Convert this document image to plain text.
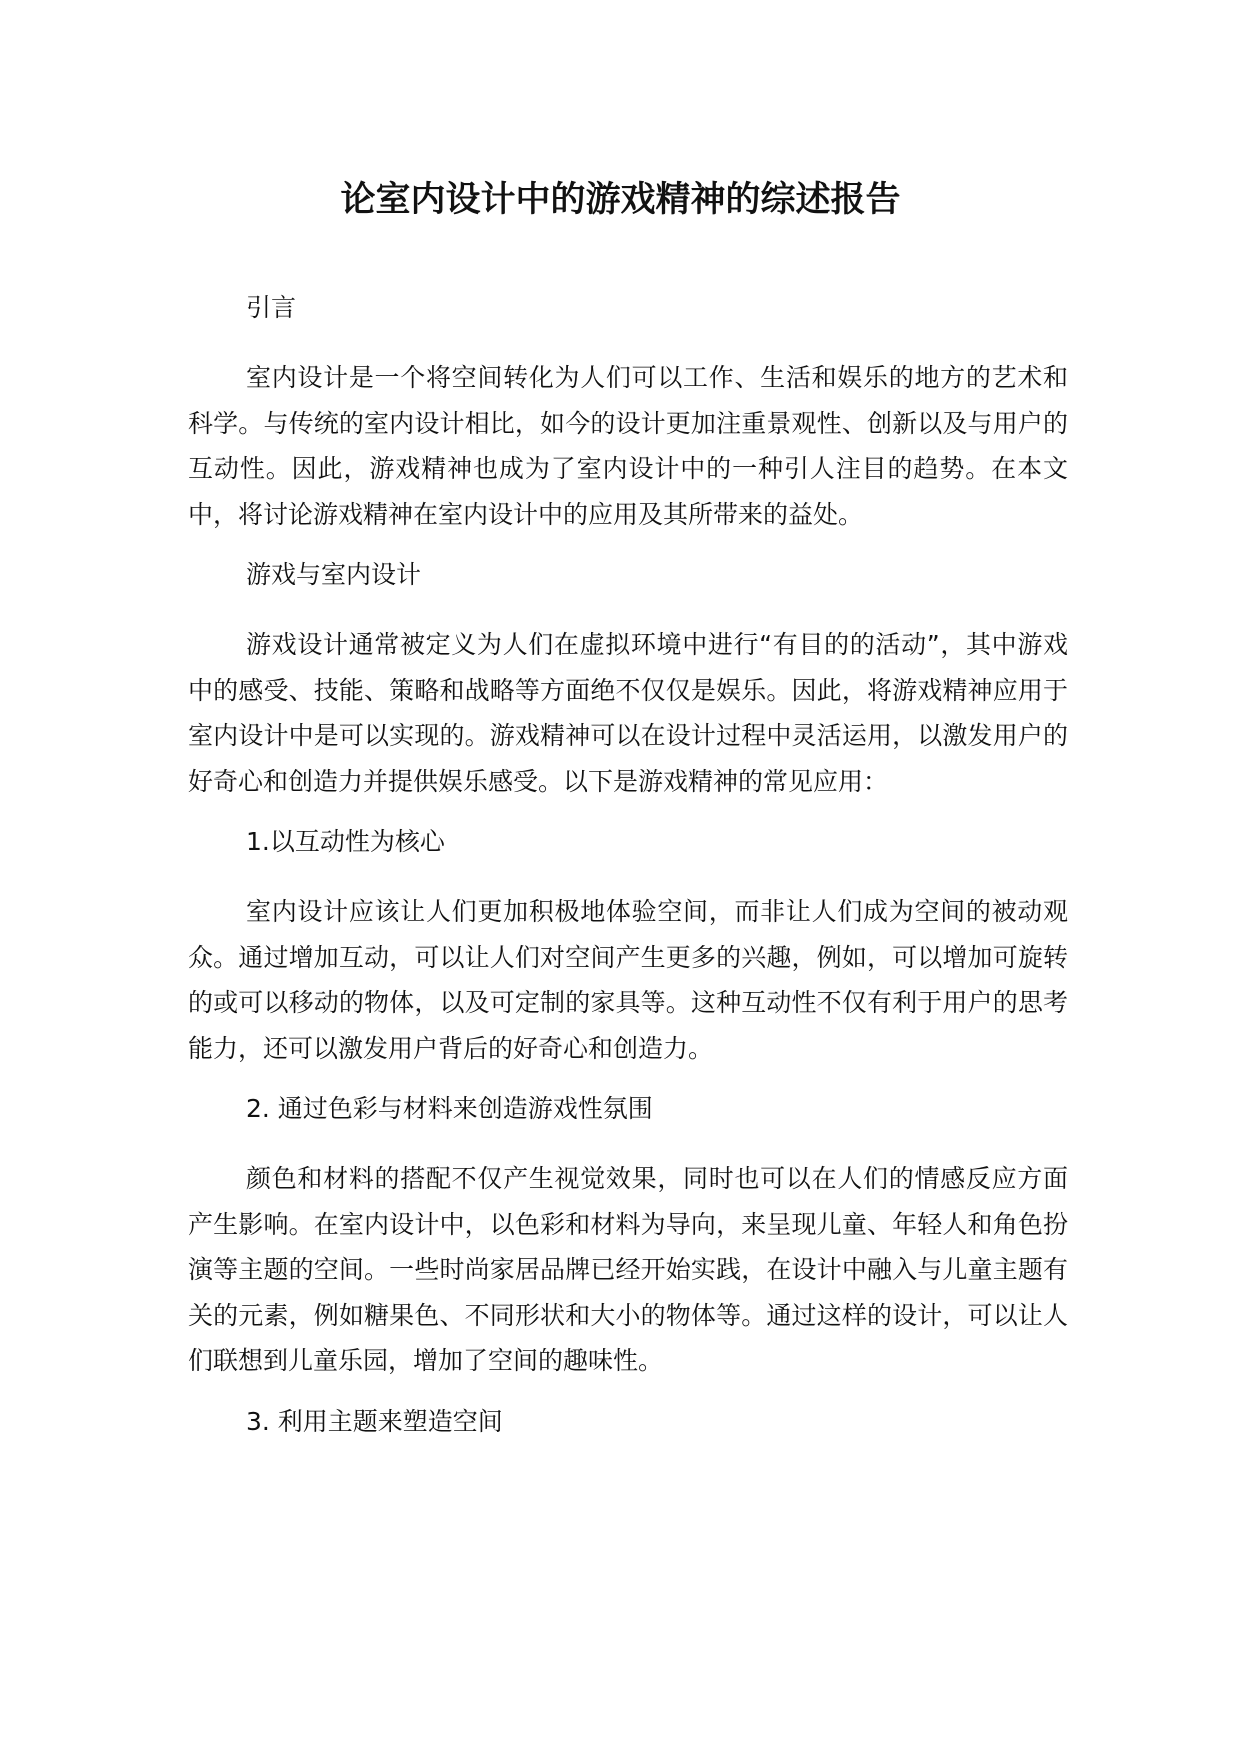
论室内设计中的游戏精神的综述报告
引言
室内设计是一个将空间转化为人们可以工作、生活和娱乐的地方的艺术和科学。与传统的室内设计相比，如今的设计更加注重景观性、创新以及与用户的互动性。因此，游戏精神也成为了室内设计中的一种引人注目的趋势。在本文中，将讨论游戏精神在室内设计中的应用及其所带来的益处。
游戏与室内设计
游戏设计通常被定义为人们在虚拟环境中进行“有目的的活动”，其中游戏中的感受、技能、策略和战略等方面绝不仅仅是娱乐。因此，将游戏精神应用于室内设计中是可以实现的。游戏精神可以在设计过程中灵活运用，以激发用户的好奇心和创造力并提供娱乐感受。以下是游戏精神的常见应用：
1.以互动性为核心
室内设计应该让人们更加积极地体验空间，而非让人们成为空间的被动观众。通过增加互动，可以让人们对空间产生更多的兴趣，例如，可以增加可旋转的或可以移动的物体，以及可定制的家具等。这种互动性不仅有利于用户的思考能力，还可以激发用户背后的好奇心和创造力。
2. 通过色彩与材料来创造游戏性氛围
颜色和材料的搭配不仅产生视觉效果，同时也可以在人们的情感反应方面产生影响。在室内设计中，以色彩和材料为导向，来呈现儿童、年轻人和角色扮演等主题的空间。一些时尚家居品牌已经开始实践，在设计中融入与儿童主题有关的元素，例如糖果色、不同形状和大小的物体等。通过这样的设计，可以让人们联想到儿童乐园，增加了空间的趣味性。
3. 利用主题来塑造空间
